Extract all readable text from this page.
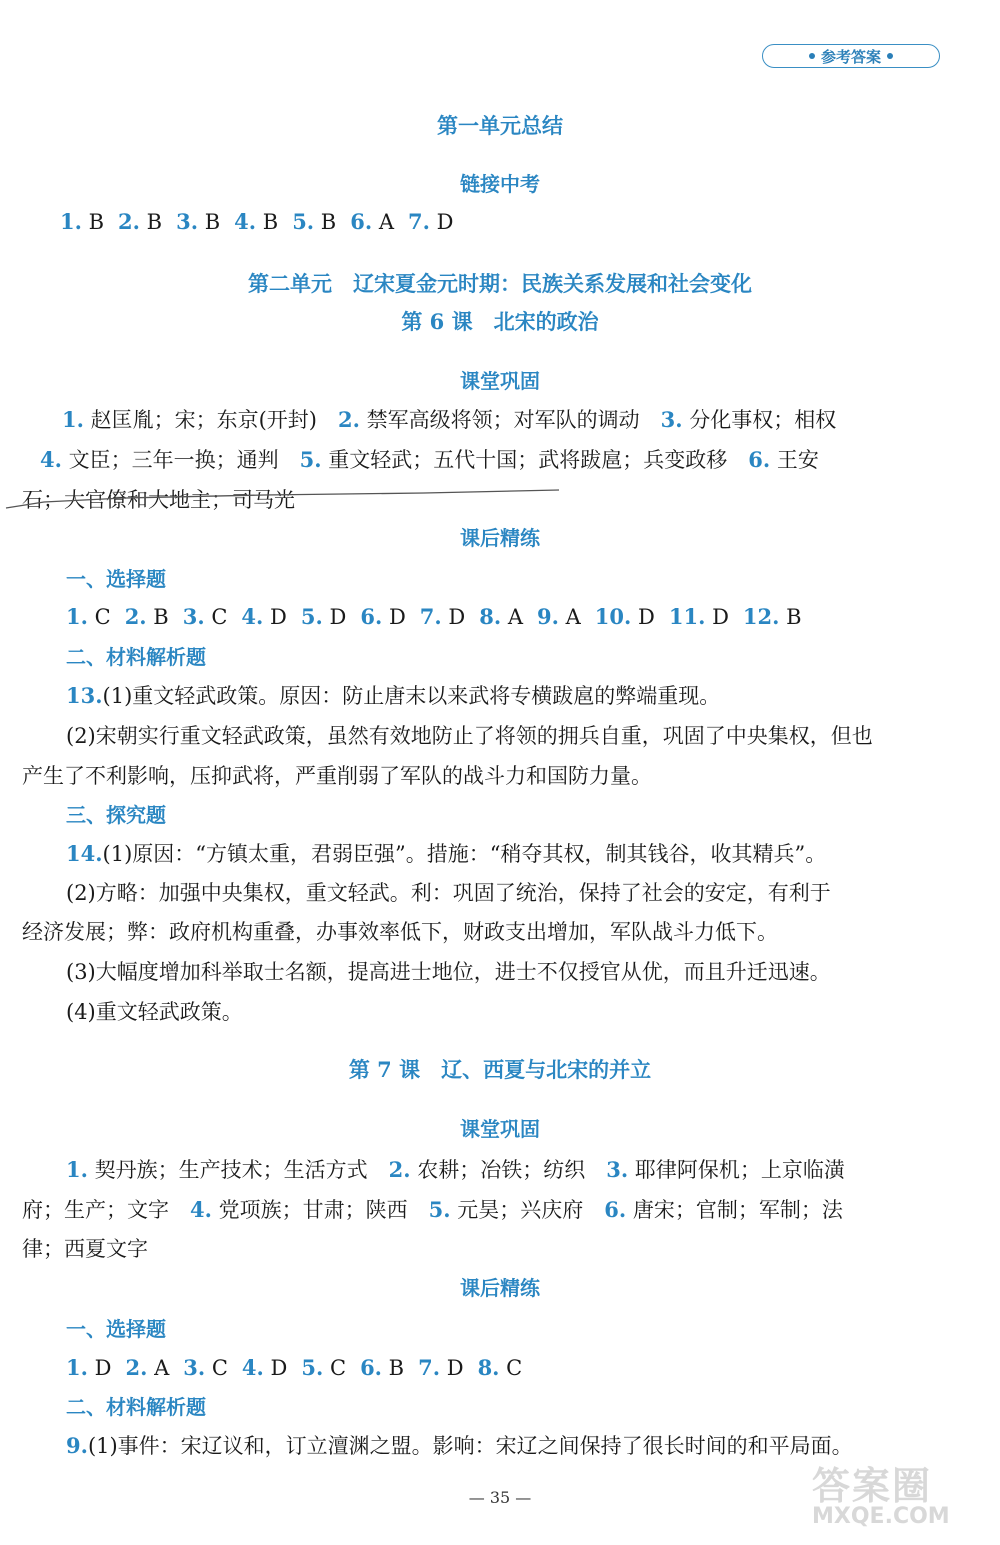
参考答案
第一单元总结
链接中考
1. B 2. B 3. B 4. B 5. B 6. A 7. D
第二单元　辽宋夏金元时期：民族关系发展和社会变化
第 6 课　北宋的政治
课堂巩固
1. 赵匡胤；宋；东京(开封)　2. 禁军高级将领；对军队的调动　3. 分化事权；相权
4. 文臣；三年一换；通判　5. 重文轻武；五代十国；武将跋扈；兵变政移　6. 王安
石；大官僚和大地主；司马光
课后精练
一、选择题
1. C 2. B 3. C 4. D 5. D 6. D 7. D 8. A 9. A 10. D 11. D 12. B
二、材料解析题
13.(1)重文轻武政策。原因：防止唐末以来武将专横跋扈的弊端重现。
(2)宋朝实行重文轻武政策，虽然有效地防止了将领的拥兵自重，巩固了中央集权，但也
产生了不利影响，压抑武将，严重削弱了军队的战斗力和国防力量。
三、探究题
14.(1)原因：“方镇太重，君弱臣强”。措施：“稍夺其权，制其钱谷，收其精兵”。
(2)方略：加强中央集权，重文轻武。利：巩固了统治，保持了社会的安定，有利于
经济发展；弊：政府机构重叠，办事效率低下，财政支出增加，军队战斗力低下。
(3)大幅度增加科举取士名额，提高进士地位，进士不仅授官从优，而且升迁迅速。
(4)重文轻武政策。
第 7 课　辽、西夏与北宋的并立
课堂巩固
1. 契丹族；生产技术；生活方式　2. 农耕；冶铁；纺织　3. 耶律阿保机；上京临潢
府；生产；文字　4. 党项族；甘肃；陕西　5. 元昊；兴庆府　6. 唐宋；官制；军制；法
律；西夏文字
课后精练
一、选择题
1. D 2. A 3. C 4. D 5. C 6. B 7. D 8. C
二、材料解析题
9.(1)事件：宋辽议和，订立澶渊之盟。影响：宋辽之间保持了很长时间的和平局面。
— 35 —	答案圈
MXQE.COM
